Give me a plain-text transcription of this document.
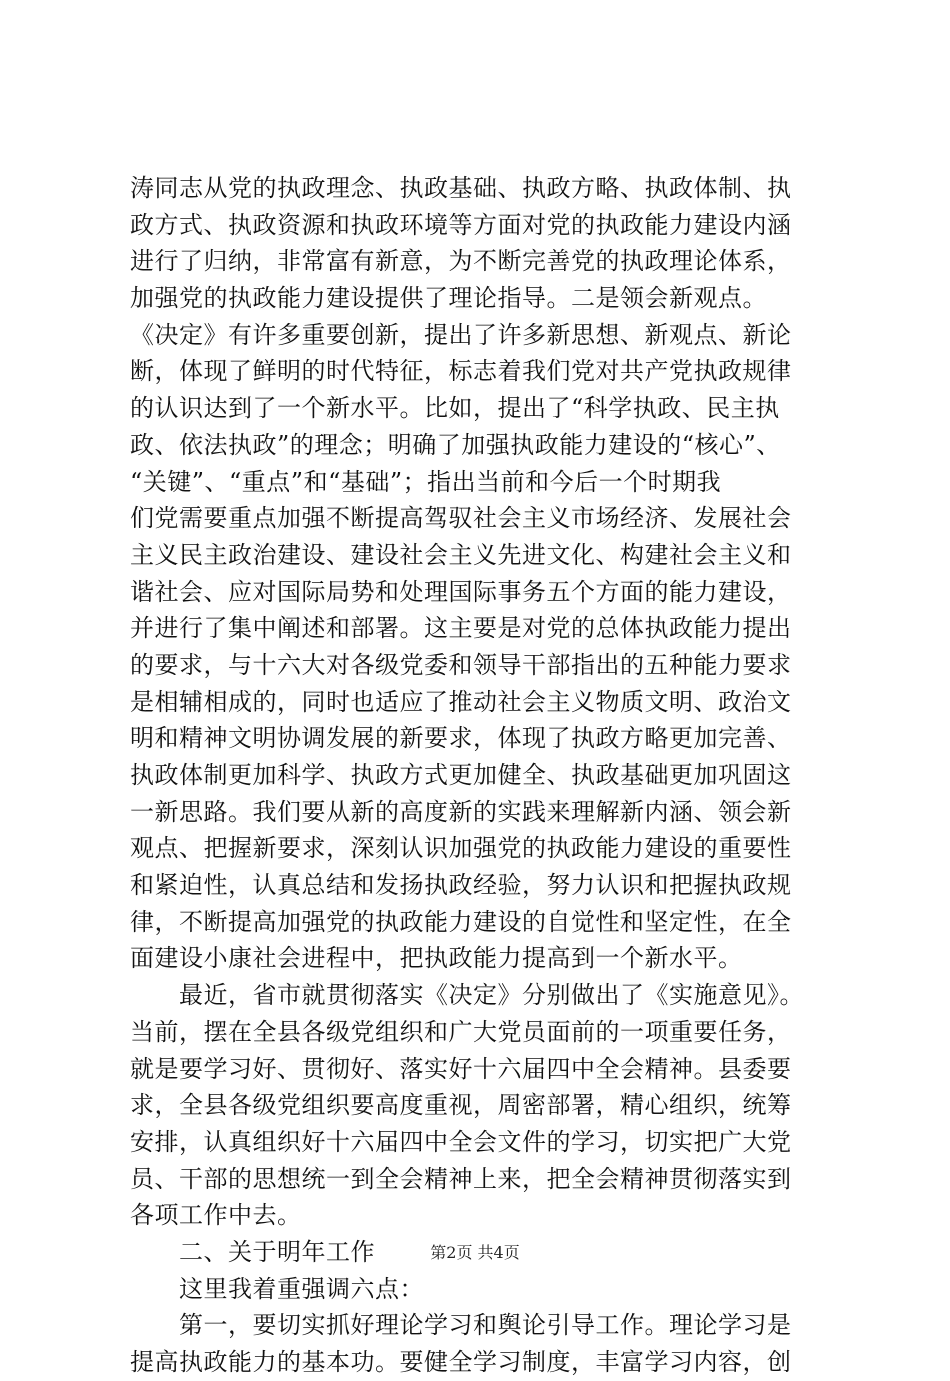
涛同志从党的执政理念、执政基础、执政方略、执政体制、执
政方式、执政资源和执政环境等方面对党的执政能力建设内涵
进行了归纳，非常富有新意，为不断完善党的执政理论体系，
加强党的执政能力建设提供了理论指导。二是领会新观点。
《决定》有许多重要创新，提出了许多新思想、新观点、新论
断，体现了鲜明的时代特征，标志着我们党对共产党执政规律
的认识达到了一个新水平。比如，提出了“科学执政、民主执
政、依法执政”的理念；明确了加强执政能力建设的“核心”、
“关键”、“重点”和“基础”；指出当前和今后一个时期我
们党需要重点加强不断提高驾驭社会主义市场经济、发展社会
主义民主政治建设、建设社会主义先进文化、构建社会主义和
谐社会、应对国际局势和处理国际事务五个方面的能力建设，
并进行了集中阐述和部署。这主要是对党的总体执政能力提出
的要求，与十六大对各级党委和领导干部指出的五种能力要求
是相辅相成的，同时也适应了推动社会主义物质文明、政治文
明和精神文明协调发展的新要求，体现了执政方略更加完善、
执政体制更加科学、执政方式更加健全、执政基础更加巩固这
一新思路。我们要从新的高度新的实践来理解新内涵、领会新
观点、把握新要求，深刻认识加强党的执政能力建设的重要性
和紧迫性，认真总结和发扬执政经验，努力认识和把握执政规
律，不断提高加强党的执政能力建设的自觉性和坚定性，在全
面建设小康社会进程中，把执政能力提高到一个新水平。
　　最近，省市就贯彻落实《决定》分别做出了《实施意见》。
当前，摆在全县各级党组织和广大党员面前的一项重要任务，
就是要学习好、贯彻好、落实好十六届四中全会精神。县委要
求，全县各级党组织要高度重视，周密部署，精心组织，统筹
安排，认真组织好十六届四中全会文件的学习，切实把广大党
员、干部的思想统一到全会精神上来，把全会精神贯彻落实到
各项工作中去。
　　二、关于明年工作
　　这里我着重强调六点：
　　第一，要切实抓好理论学习和舆论引导工作。理论学习是
提高执政能力的基本功。要健全学习制度，丰富学习内容，创
第2页 共4页
